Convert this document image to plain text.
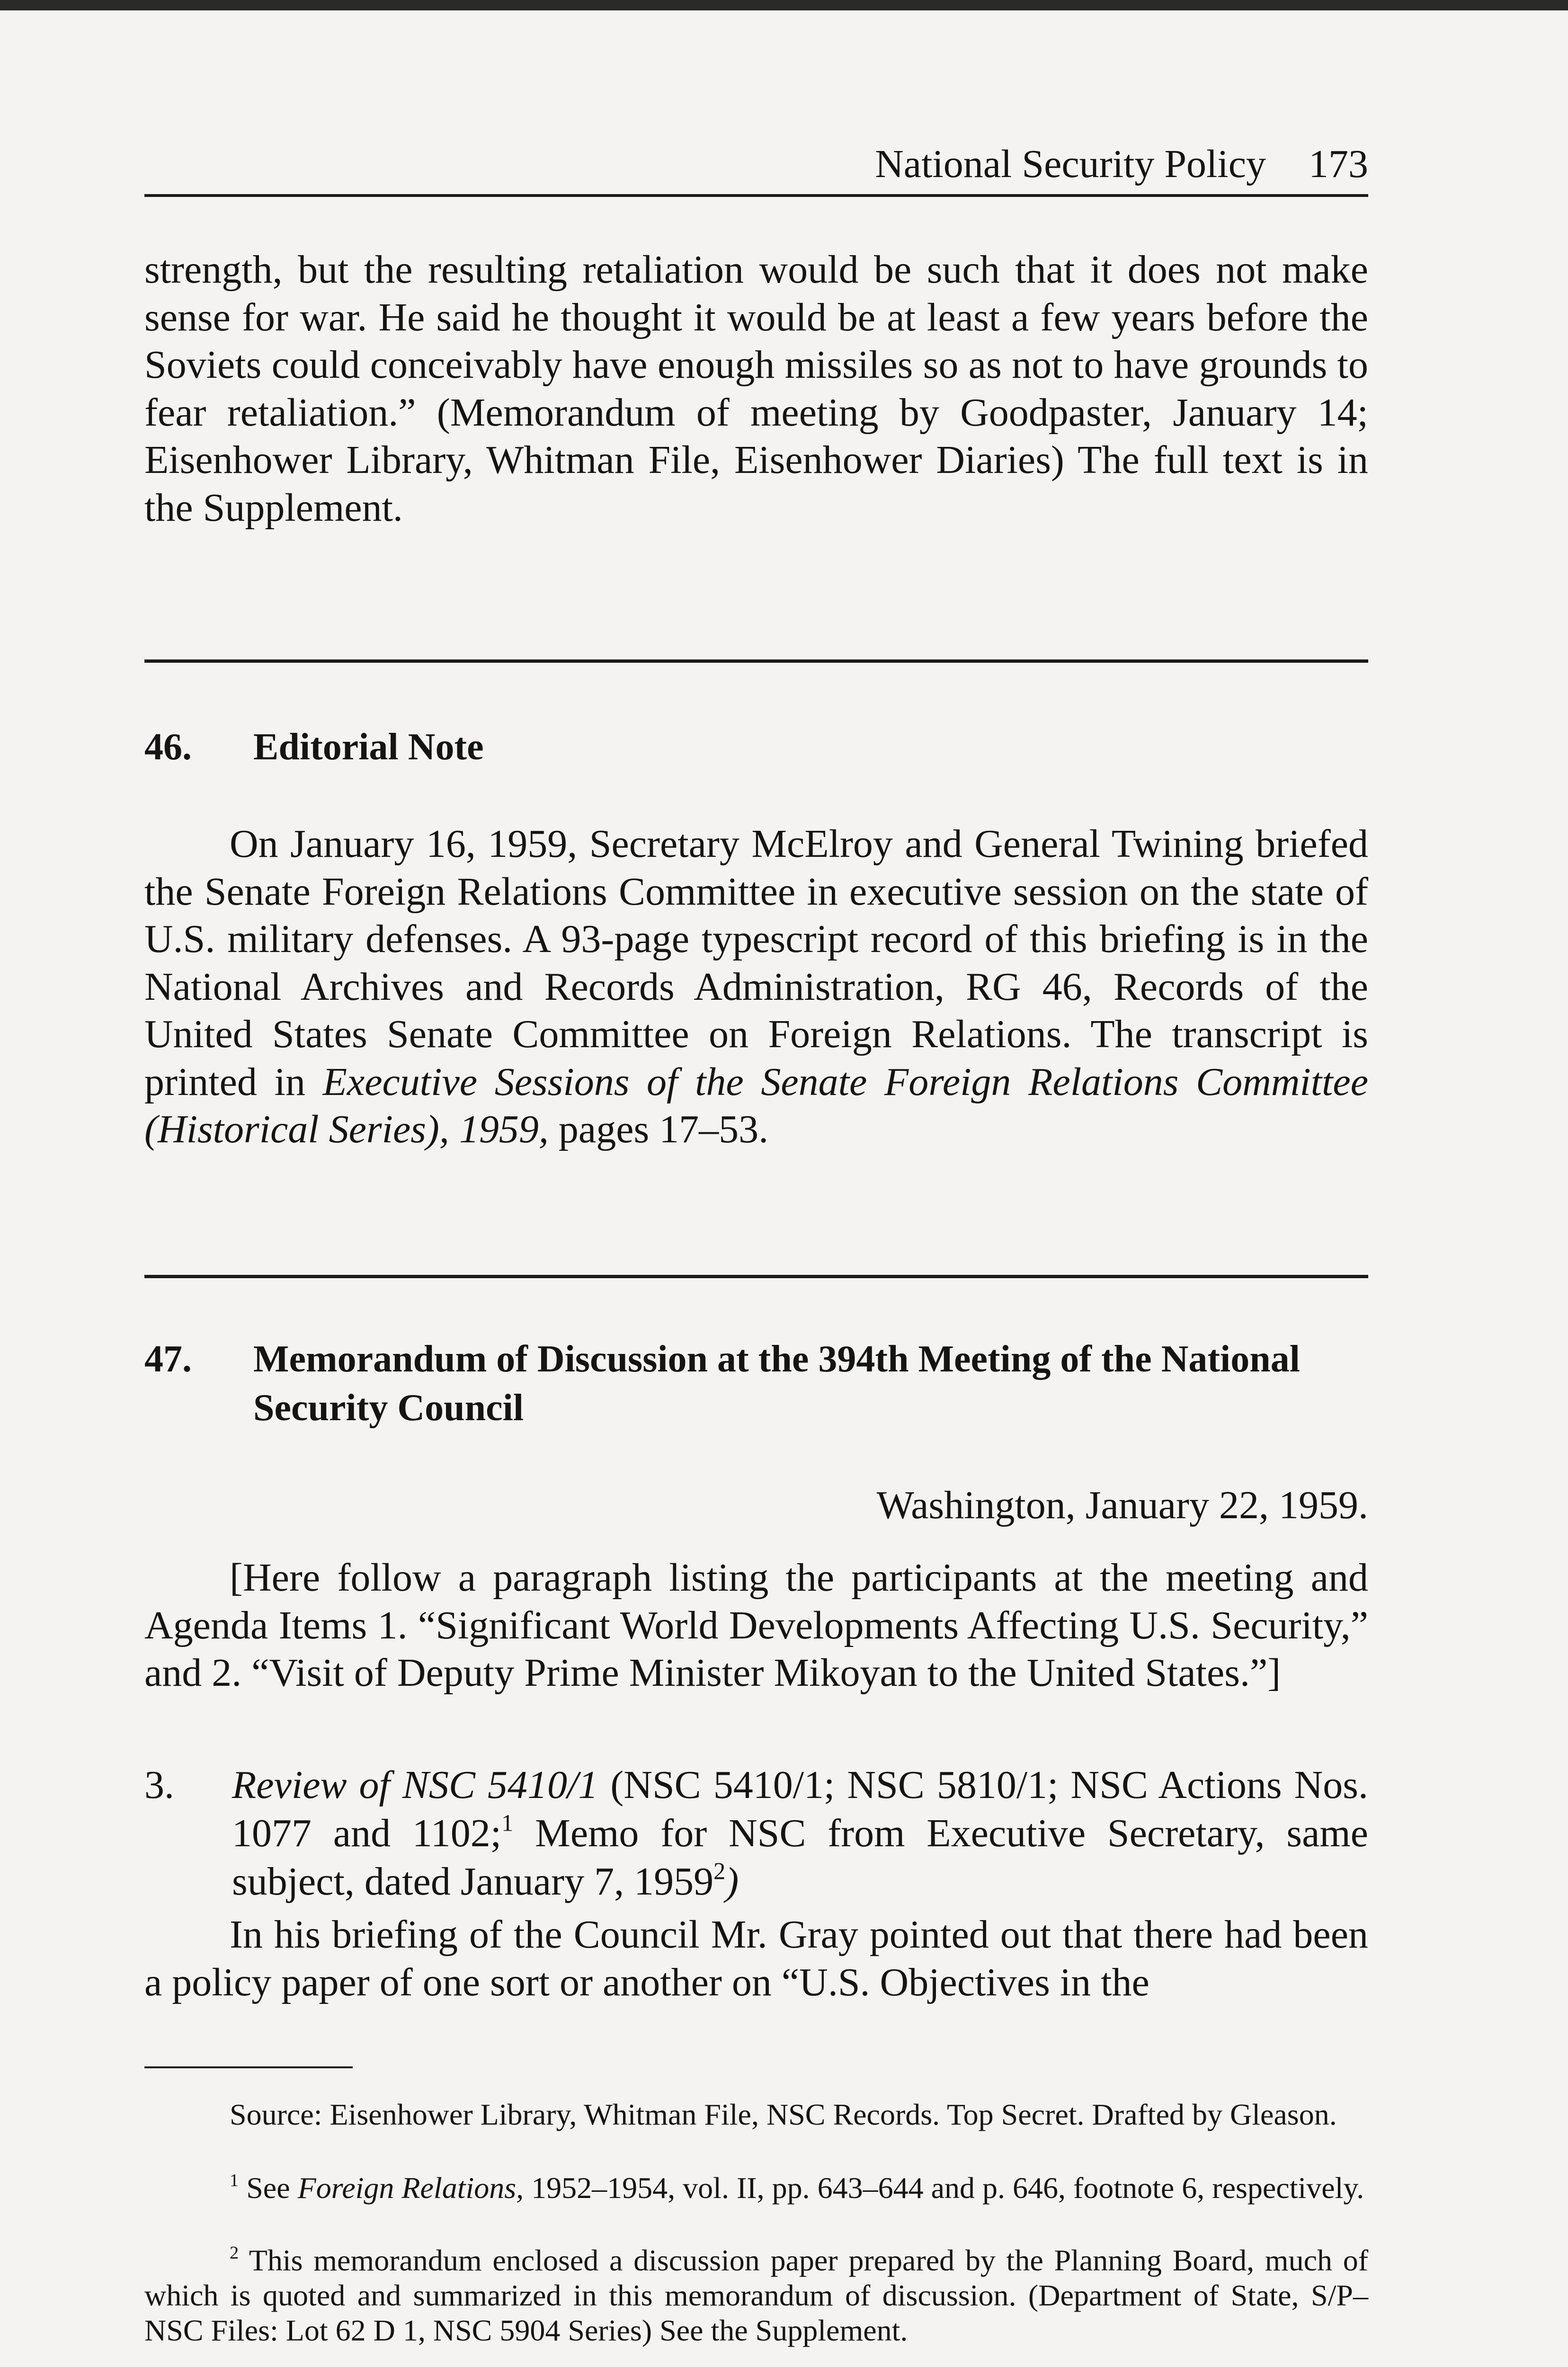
National Security Policy 173
strength, but the resulting retaliation would be such that it does not make sense for war. He said he thought it would be at least a few years before the Soviets could conceivably have enough missiles so as not to have grounds to fear retaliation.” (Memorandum of meeting by Goodpaster, January 14; Eisenhower Library, Whitman File, Eisenhower Diaries) The full text is in the Supplement.
46. Editorial Note
On January 16, 1959, Secretary McElroy and General Twining briefed the Senate Foreign Relations Committee in executive session on the state of U.S. military defenses. A 93-page typescript record of this briefing is in the National Archives and Records Administration, RG 46, Records of the United States Senate Committee on Foreign Relations. The transcript is printed in Executive Sessions of the Senate Foreign Relations Committee (Historical Series), 1959, pages 17–53.
47. Memorandum of Discussion at the 394th Meeting of the National Security Council
Washington, January 22, 1959.
[Here follow a paragraph listing the participants at the meeting and Agenda Items 1. “Significant World Developments Affecting U.S. Security,” and 2. “Visit of Deputy Prime Minister Mikoyan to the United States.”]
3. Review of NSC 5410/1 (NSC 5410/1; NSC 5810/1; NSC Actions Nos. 1077 and 1102;$^1$ Memo for NSC from Executive Secretary, same subject, dated January 7, 1959$^2$)
In his briefing of the Council Mr. Gray pointed out that there had been a policy paper of one sort or another on “U.S. Objectives in the
Source: Eisenhower Library, Whitman File, NSC Records. Top Secret. Drafted by Gleason.
$^1$ See Foreign Relations, 1952–1954, vol. II, pp. 643–644 and p. 646, footnote 6, respectively.
$^2$ This memorandum enclosed a discussion paper prepared by the Planning Board, much of which is quoted and summarized in this memorandum of discussion. (Department of State, S/P–NSC Files: Lot 62 D 1, NSC 5904 Series) See the Supplement.
